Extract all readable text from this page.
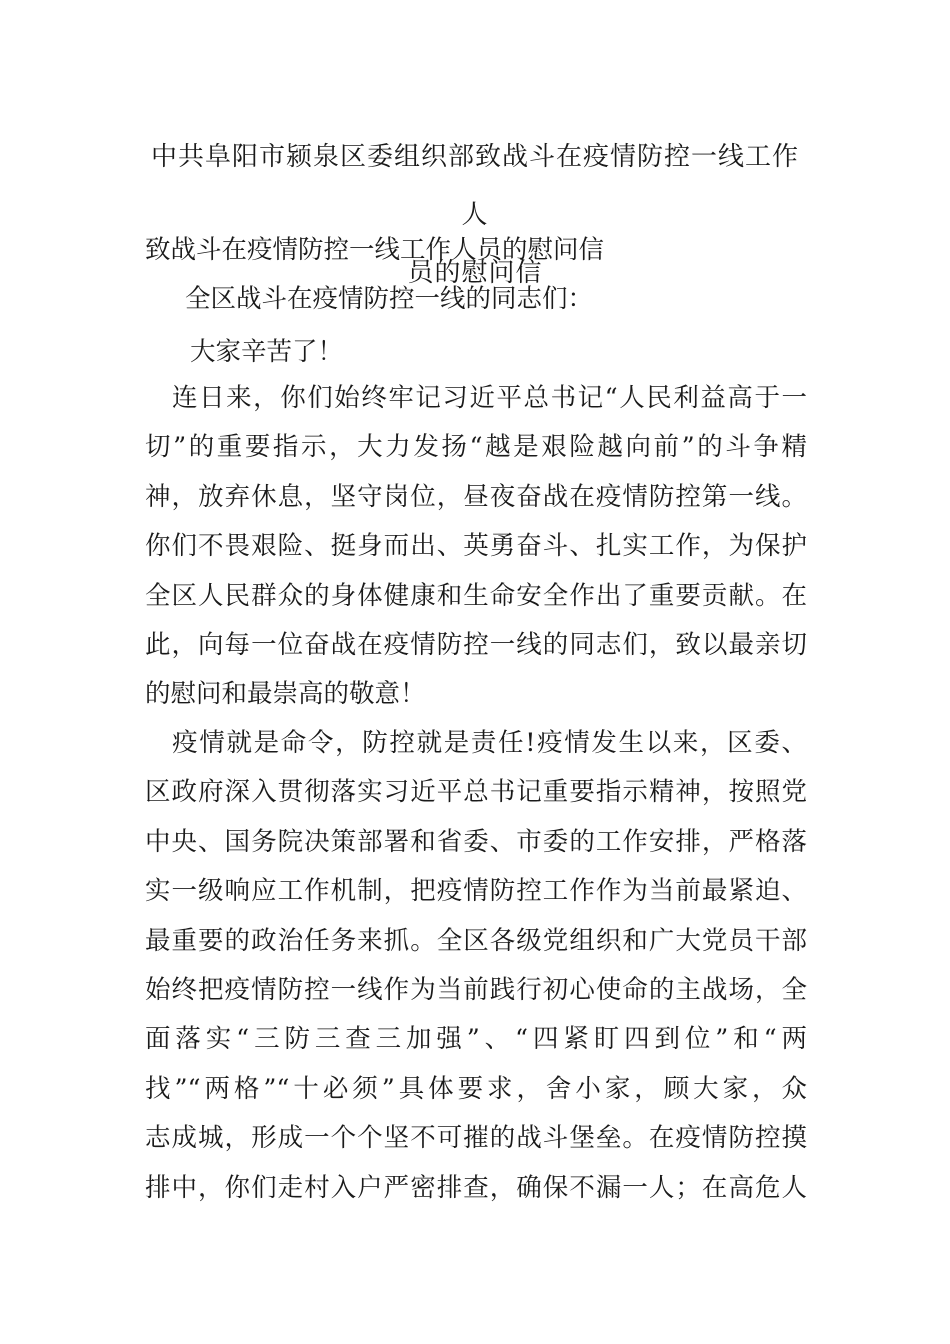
中共阜阳市颍泉区委组织部致战斗在疫情防控一线工作人
员的慰问信
致战斗在疫情防控一线工作人员的慰问信
全区战斗在疫情防控一线的同志们：
大家辛苦了！
　连日来，你们始终牢记习近平总书记“人民利益高于一
切”的重要指示，大力发扬“越是艰险越向前”的斗争精
神，放弃休息，坚守岗位，昼夜奋战在疫情防控第一线。
你们不畏艰险、挺身而出、英勇奋斗、扎实工作，为保护
全区人民群众的身体健康和生命安全作出了重要贡献。在
此，向每一位奋战在疫情防控一线的同志们，致以最亲切
的慰问和最崇高的敬意！
　疫情就是命令，防控就是责任!疫情发生以来，区委、
区政府深入贯彻落实习近平总书记重要指示精神，按照党
中央、国务院决策部署和省委、市委的工作安排，严格落
实一级响应工作机制，把疫情防控工作作为当前最紧迫、
最重要的政治任务来抓。全区各级党组织和广大党员干部
始终把疫情防控一线作为当前践行初心使命的主战场，全
面落实“三防三查三加强”、“四紧盯四到位”和“两
找”“两格”“十必须”具体要求，舍小家，顾大家，众
志成城，形成一个个坚不可摧的战斗堡垒。在疫情防控摸
排中，你们走村入户严密排查，确保不漏一人；在高危人
